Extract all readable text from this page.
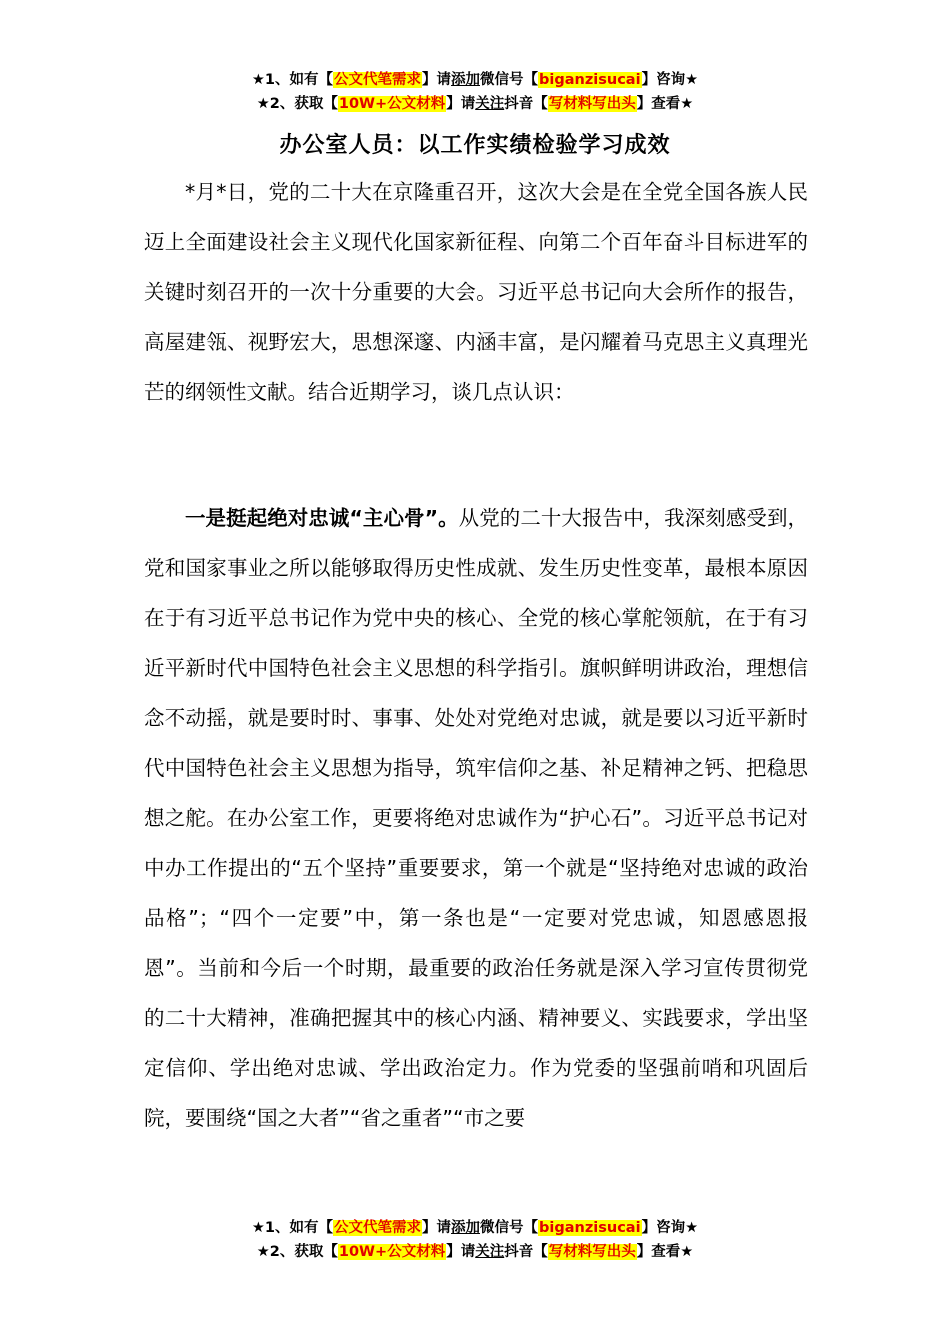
★1、如有【公文代笔需求】请添加微信号【biganzisucai】咨询★
★2、获取【10W+公文材料】请关注抖音【写材料写出头】查看★
办公室人员：以工作实绩检验学习成效

*月*日，党的二十大在京隆重召开，这次大会是在全党全国各族人民迈上全面建设社会主义现代化国家新征程、向第二个百年奋斗目标进军的关键时刻召开的一次十分重要的大会。习近平总书记向大会所作的报告，高屋建瓴、视野宏大，思想深邃、内涵丰富，是闪耀着马克思主义真理光芒的纲领性文献。结合近期学习，谈几点认识：

一是挺起绝对忠诚“主心骨”。从党的二十大报告中，我深刻感受到，党和国家事业之所以能够取得历史性成就、发生历史性变革，最根本原因在于有习近平总书记作为党中央的核心、全党的核心掌舵领航，在于有习近平新时代中国特色社会主义思想的科学指引。旗帜鲜明讲政治，理想信念不动摇，就是要时时、事事、处处对党绝对忠诚，就是要以习近平新时代中国特色社会主义思想为指导，筑牢信仰之基、补足精神之钙、把稳思想之舵。在办公室工作，更要将绝对忠诚作为“护心石”。习近平总书记对中办工作提出的“五个坚持”重要要求，第一个就是“坚持绝对忠诚的政治品格”；“四个一定要”中，第一条也是“一定要对党忠诚，知恩感恩报恩”。当前和今后一个时期，最重要的政治任务就是深入学习宣传贯彻党的二十大精神，准确把握其中的核心内涵、精神要义、实践要求，学出坚定信仰、学出绝对忠诚、学出政治定力。作为党委的坚强前哨和巩固后院，要围绕“国之大者”“省之重者”“市之要

★1、如有【公文代笔需求】请添加微信号【biganzisucai】咨询★
★2、获取【10W+公文材料】请关注抖音【写材料写出头】查看★
